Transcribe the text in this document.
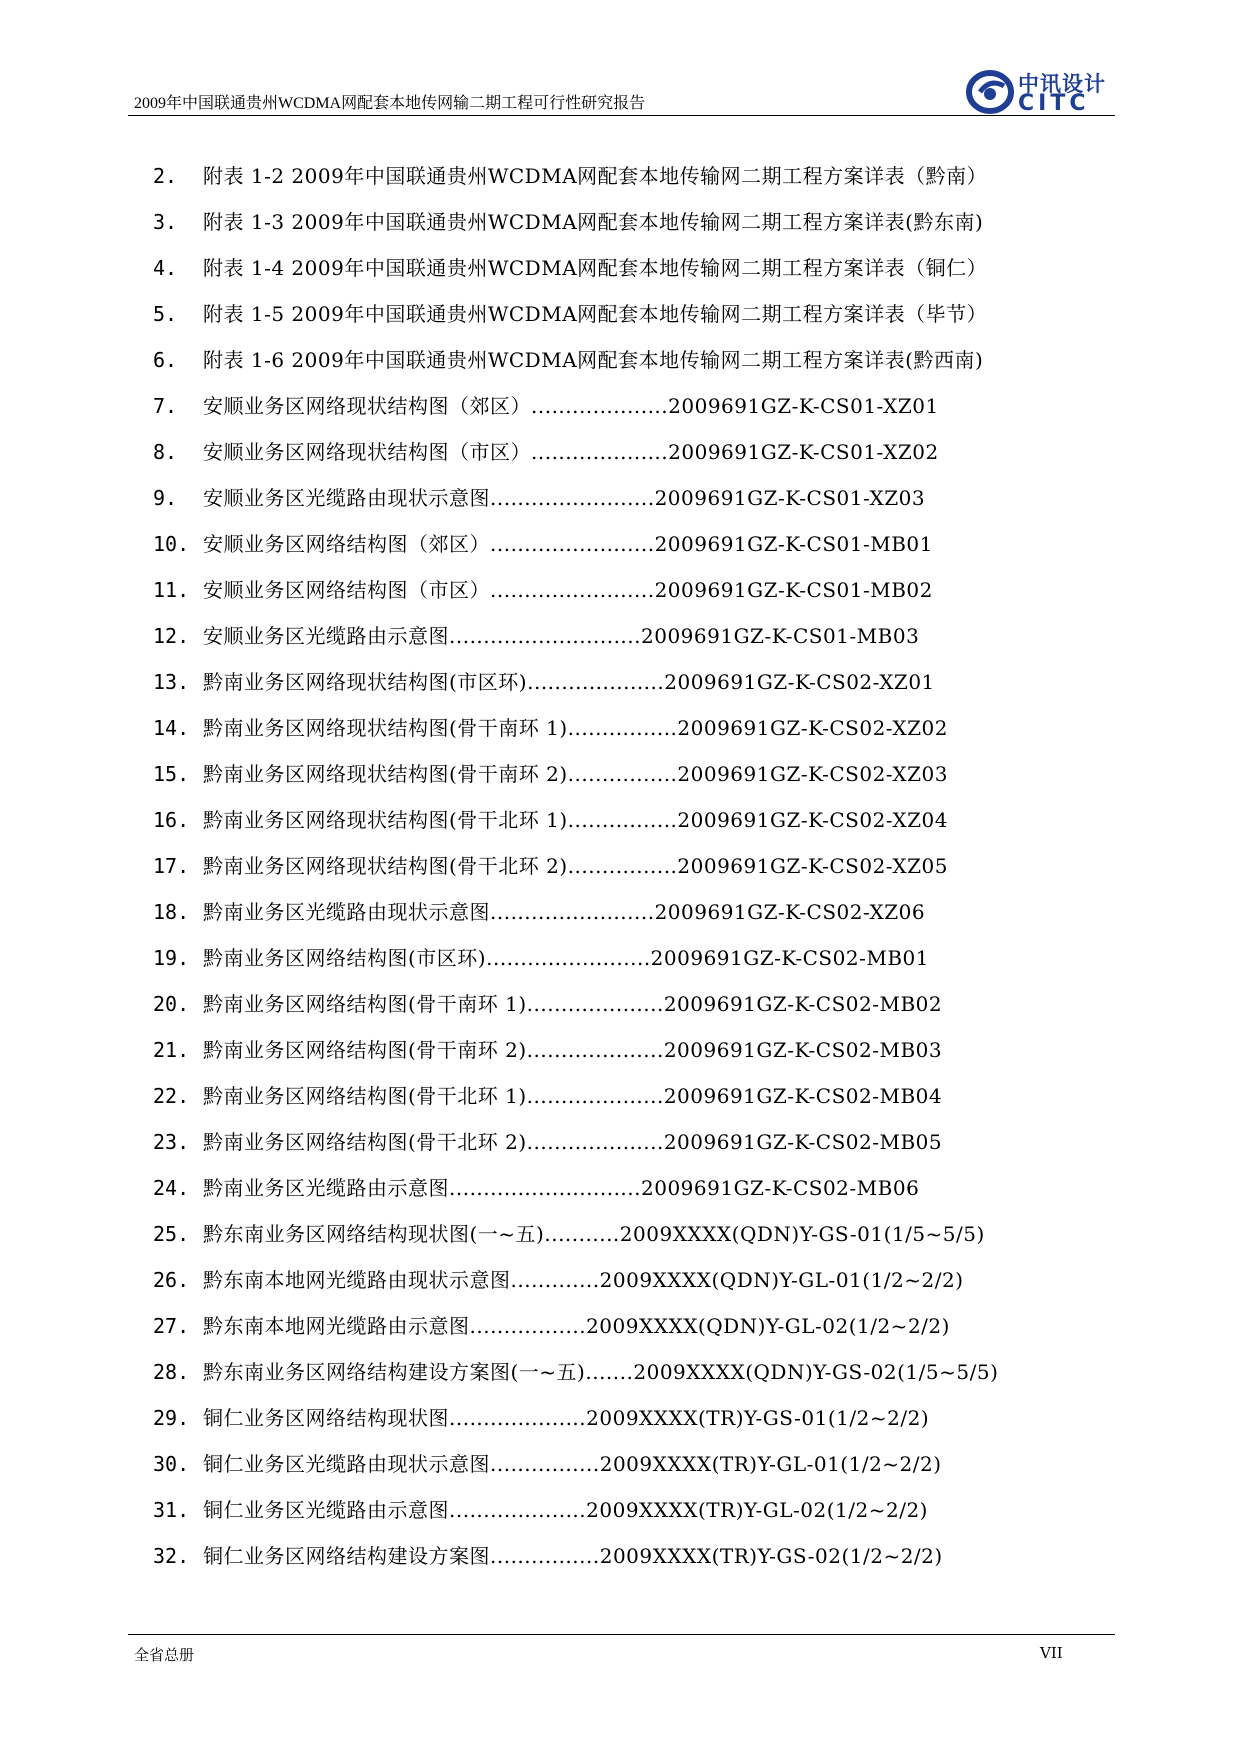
2009年中国联通贵州WCDMA网配套本地传网输二期工程可行性研究报告
中讯设计
CITC
2.	附表 1-2 2009年中国联通贵州WCDMA网配套本地传输网二期工程方案详表（黔南）
3.	附表 1-3 2009年中国联通贵州WCDMA网配套本地传输网二期工程方案详表(黔东南)
4.	附表 1-4 2009年中国联通贵州WCDMA网配套本地传输网二期工程方案详表（铜仁）
5.	附表 1-5 2009年中国联通贵州WCDMA网配套本地传输网二期工程方案详表（毕节）
6.	附表 1-6 2009年中国联通贵州WCDMA网配套本地传输网二期工程方案详表(黔西南)
7.	安顺业务区网络现状结构图（郊区）....................2009691GZ-K-CS01-XZ01
8.	安顺业务区网络现状结构图（市区）....................2009691GZ-K-CS01-XZ02
9.	安顺业务区光缆路由现状示意图........................2009691GZ-K-CS01-XZ03
10. 安顺业务区网络结构图（郊区）........................2009691GZ-K-CS01-MB01
11. 安顺业务区网络结构图（市区）........................2009691GZ-K-CS01-MB02
12. 安顺业务区光缆路由示意图............................2009691GZ-K-CS01-MB03
13. 黔南业务区网络现状结构图(市区环)....................2009691GZ-K-CS02-XZ01
14. 黔南业务区网络现状结构图(骨干南环 1)................2009691GZ-K-CS02-XZ02
15. 黔南业务区网络现状结构图(骨干南环 2)................2009691GZ-K-CS02-XZ03
16. 黔南业务区网络现状结构图(骨干北环 1)................2009691GZ-K-CS02-XZ04
17. 黔南业务区网络现状结构图(骨干北环 2)................2009691GZ-K-CS02-XZ05
18. 黔南业务区光缆路由现状示意图........................2009691GZ-K-CS02-XZ06
19. 黔南业务区网络结构图(市区环)........................2009691GZ-K-CS02-MB01
20. 黔南业务区网络结构图(骨干南环 1)....................2009691GZ-K-CS02-MB02
21. 黔南业务区网络结构图(骨干南环 2)....................2009691GZ-K-CS02-MB03
22. 黔南业务区网络结构图(骨干北环 1)....................2009691GZ-K-CS02-MB04
23. 黔南业务区网络结构图(骨干北环 2)....................2009691GZ-K-CS02-MB05
24. 黔南业务区光缆路由示意图............................2009691GZ-K-CS02-MB06
25. 黔东南业务区网络结构现状图(一~五)...........2009XXXX(QDN)Y-GS-01(1/5~5/5)
26. 黔东南本地网光缆路由现状示意图.............2009XXXX(QDN)Y-GL-01(1/2~2/2)
27. 黔东南本地网光缆路由示意图.................2009XXXX(QDN)Y-GL-02(1/2~2/2)
28. 黔东南业务区网络结构建设方案图(一~五).......2009XXXX(QDN)Y-GS-02(1/5~5/5)
29. 铜仁业务区网络结构现状图....................2009XXXX(TR)Y-GS-01(1/2~2/2)
30. 铜仁业务区光缆路由现状示意图................2009XXXX(TR)Y-GL-01(1/2~2/2)
31. 铜仁业务区光缆路由示意图....................2009XXXX(TR)Y-GL-02(1/2~2/2)
32. 铜仁业务区网络结构建设方案图................2009XXXX(TR)Y-GS-02(1/2~2/2)
全省总册	VII
